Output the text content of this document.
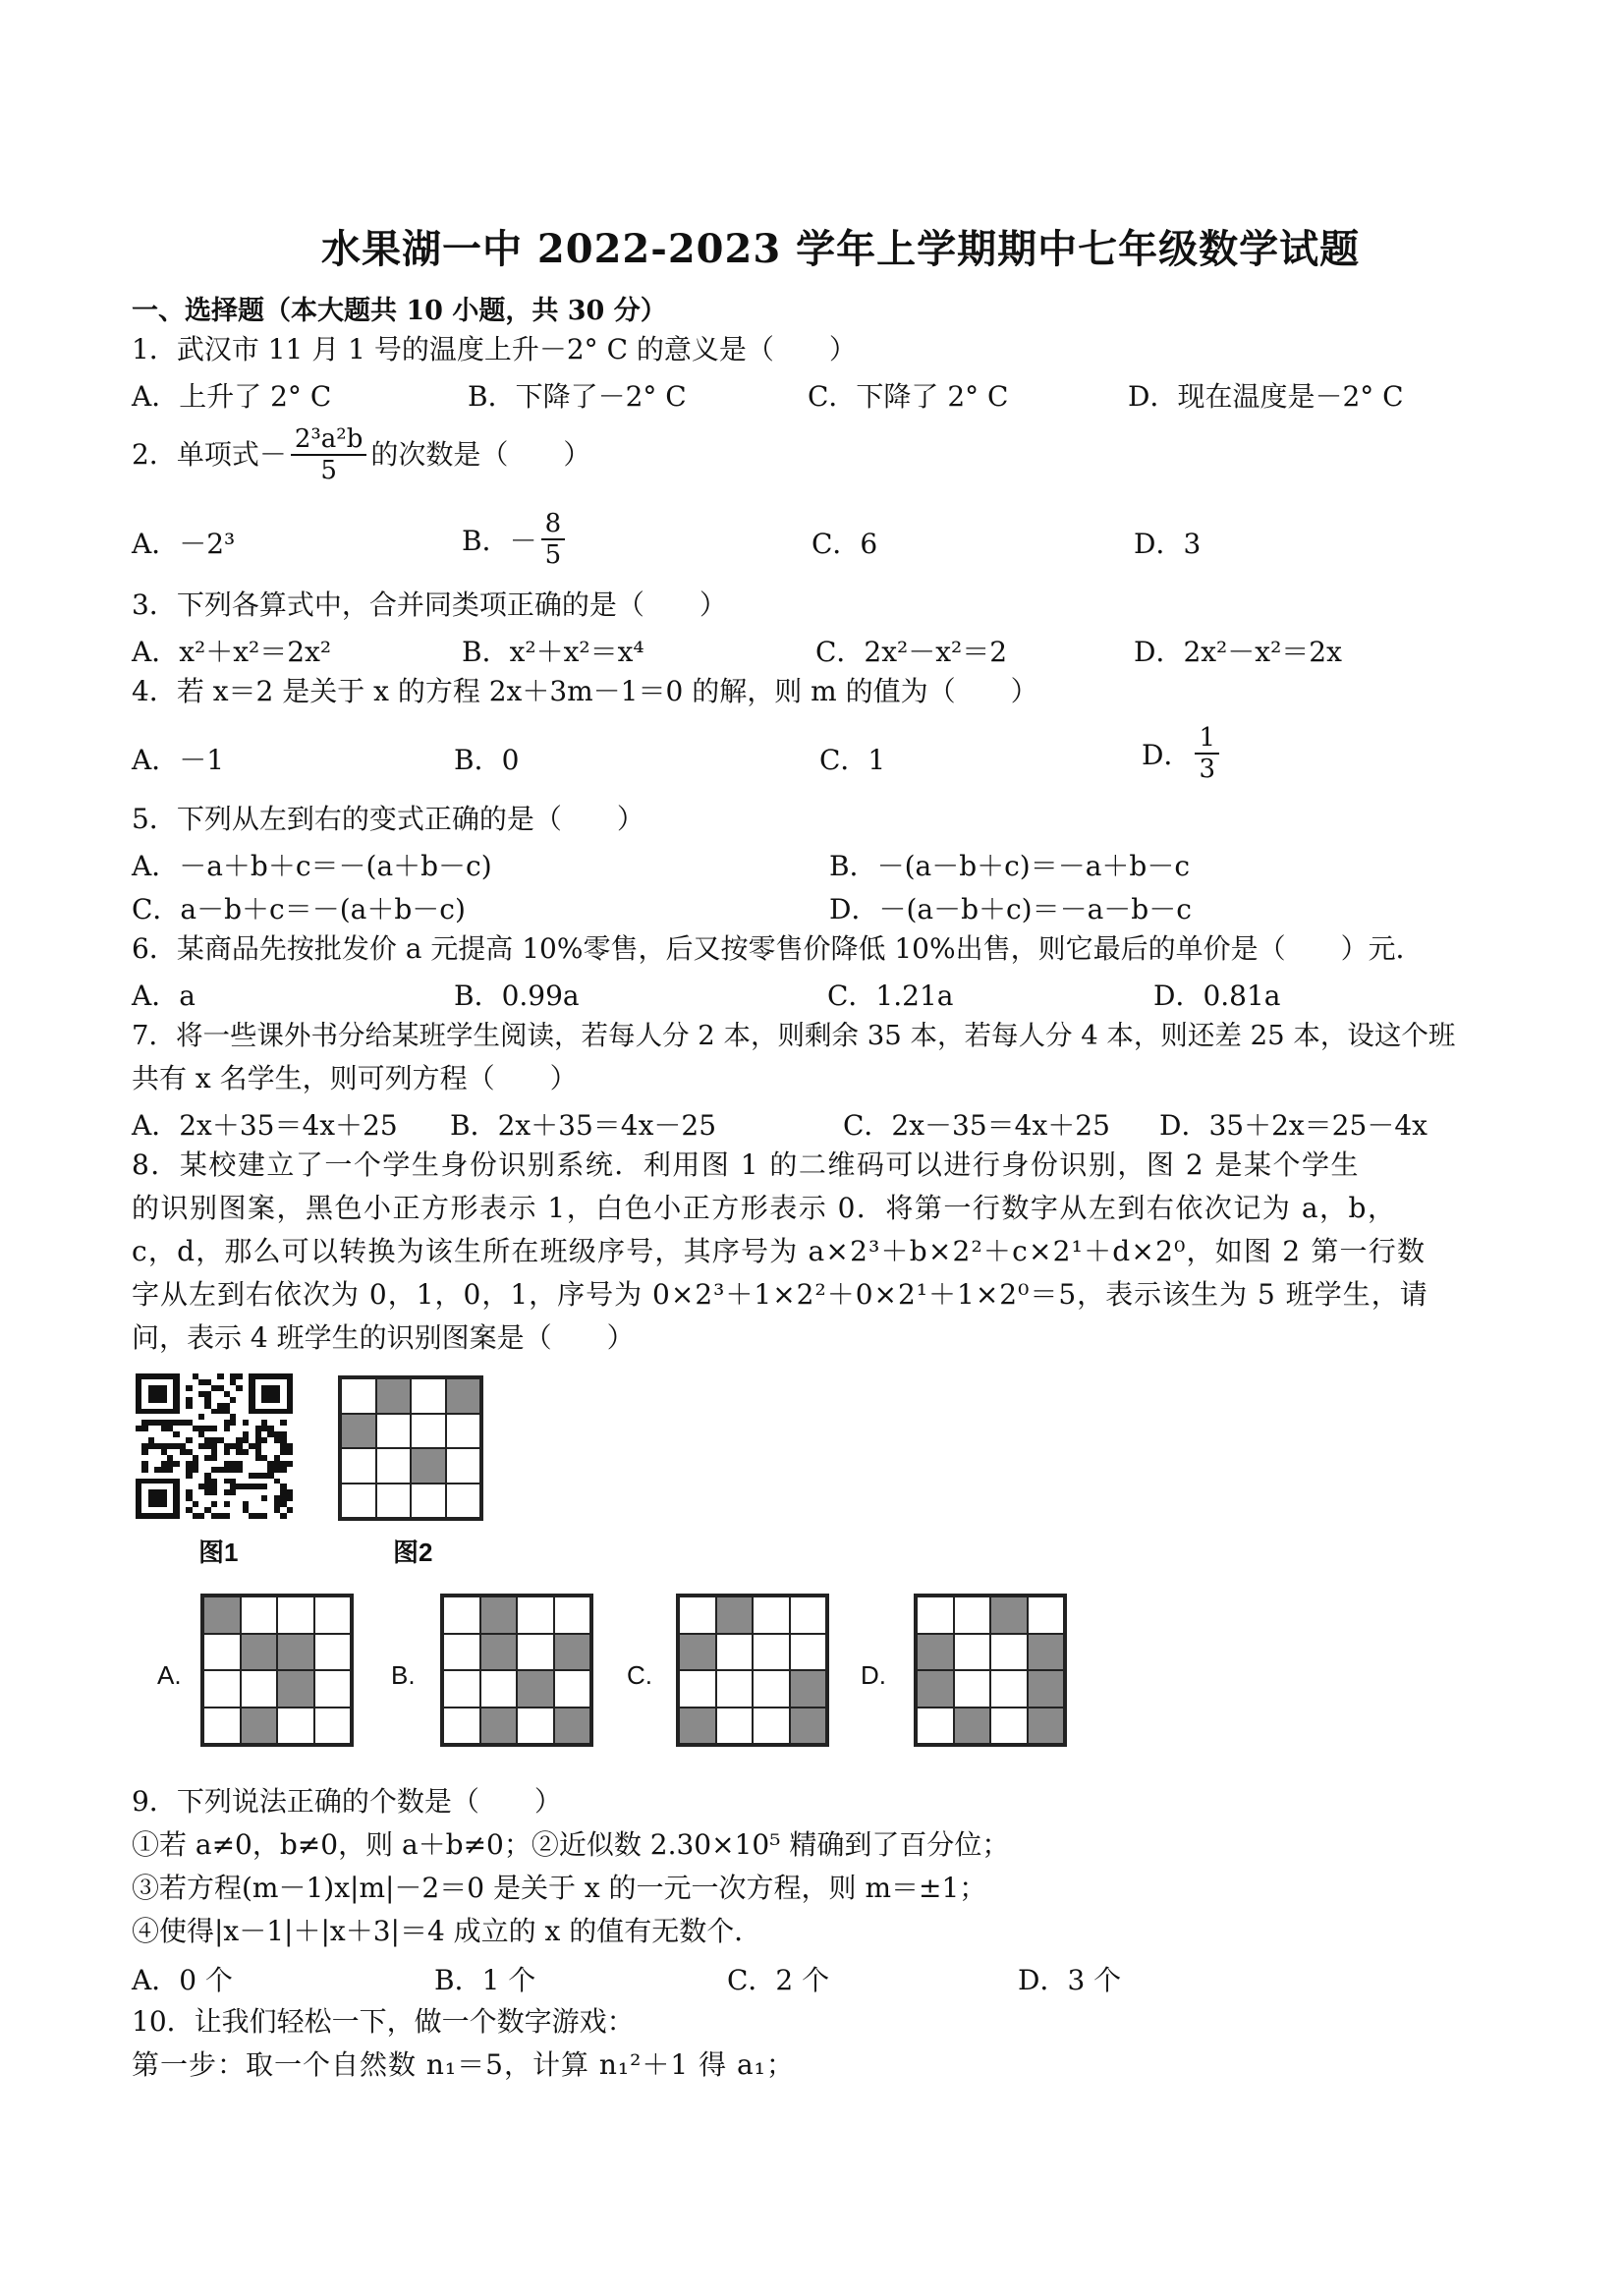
水果湖一中 2022-2023 学年上学期期中七年级数学试题
一、选择题（本大题共 10 小题，共 30 分）
1．武汉市 11 月 1 号的温度上升－2° C 的意义是（　　）
A．上升了 2° C	B．下降了－2° C	C．下降了 2° C	D．现在温度是－2° C
2．单项式－ $\frac{\text{2³a²b}}{5}$ 的次数是（　　）
A．－2³	B．－ $\frac{8}{5}$	C．6	D．3
3．下列各算式中，合并同类项正确的是（　　）
A．x²＋x²＝2x²	B．x²＋x²＝x⁴	C．2x²－x²＝2	D．2x²－x²＝2x
4．若 x＝2 是关于 x 的方程 2x＋3m－1＝0 的解，则 m 的值为（　　）
A．－1	B．0	C．1	D． $\frac{1}{3}$
5．下列从左到右的变式正确的是（　　）
A．－a＋b＋c＝－(a＋b－c)	B．－(a－b＋c)＝－a＋b－c
C．a－b＋c＝－(a＋b－c)	D．－(a－b＋c)＝－a－b－c
6．某商品先按批发价 a 元提高 10%零售，后又按零售价降低 10%出售，则它最后的单价是（　　）元．
A．a	B．0.99a	C．1.21a	D．0.81a
7．将一些课外书分给某班学生阅读，若每人分 2 本，则剩余 35 本，若每人分 4 本，则还差 25 本，设这个班
共有 x 名学生，则可列方程（　　）
A．2x＋35＝4x＋25 B．2x＋35＝4x－25	C．2x－35＝4x＋25 D．35＋2x＝25－4x
8．某校建立了一个学生身份识别系统．利用图 1 的二维码可以进行身份识别，图 2 是某个学生
的识别图案，黑色小正方形表示 1，白色小正方形表示 0．将第一行数字从左到右依次记为 a，b，
c，d，那么可以转换为该生所在班级序号，其序号为 a×2³＋b×2²＋c×2¹＋d×2⁰，如图 2 第一行数
字从左到右依次为 0，1，0，1，序号为 0×2³＋1×2²＋0×2¹＋1×2⁰＝5，表示该生为 5 班学生，请
问，表示 4 班学生的识别图案是（　　）
图1	图2
A.	B.	C.	D.
9．下列说法正确的个数是（　　）
①若 a≠0，b≠0，则 a＋b≠0；②近似数 2.30×10⁵ 精确到了百分位；
③若方程(m－1)x|m|－2＝0 是关于 x 的一元一次方程，则 m＝±1；
④使得|x－1|＋|x＋3|＝4 成立的 x 的值有无数个．
A．0 个	B．1 个	C．2 个	D．3 个
10．让我们轻松一下，做一个数字游戏：
第一步：取一个自然数 n₁＝5，计算 n₁²＋1 得 a₁；
